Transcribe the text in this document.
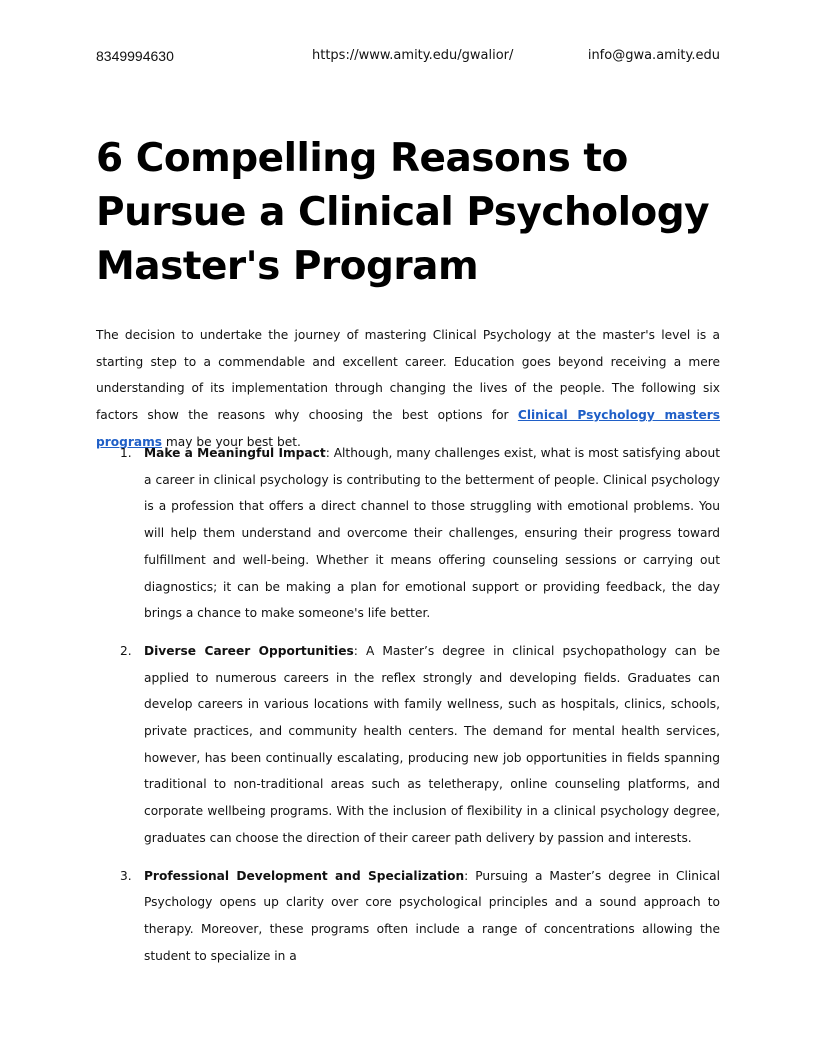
8349994630	https://www.amity.edu/gwalior/	info@gwa.amity.edu
6 Compelling Reasons to Pursue a Clinical Psychology Master's Program

The decision to undertake the journey of mastering Clinical Psychology at the master's level is a starting step to a commendable and excellent career. Education goes beyond receiving a mere understanding of its implementation through changing the lives of the people. The following six factors show the reasons why choosing the best options for Clinical Psychology masters programs may be your best bet.

1. Make a Meaningful Impact: Although, many challenges exist, what is most satisfying about a career in clinical psychology is contributing to the betterment of people. Clinical psychology is a profession that offers a direct channel to those struggling with emotional problems. You will help them understand and overcome their challenges, ensuring their progress toward fulfillment and well-being. Whether it means offering counseling sessions or carrying out diagnostics; it can be making a plan for emotional support or providing feedback, the day brings a chance to make someone's life better.
2. Diverse Career Opportunities: A Master’s degree in clinical psychopathology can be applied to numerous careers in the reflex strongly and developing fields. Graduates can develop careers in various locations with family wellness, such as hospitals, clinics, schools, private practices, and community health centers. The demand for mental health services, however, has been continually escalating, producing new job opportunities in fields spanning traditional to non-traditional areas such as teletherapy, online counseling platforms, and corporate wellbeing programs. With the inclusion of flexibility in a clinical psychology degree, graduates can choose the direction of their career path delivery by passion and interests.
3. Professional Development and Specialization: Pursuing a Master’s degree in Clinical Psychology opens up clarity over core psychological principles and a sound approach to therapy. Moreover, these programs often include a range of concentrations allowing the student to specialize in a
